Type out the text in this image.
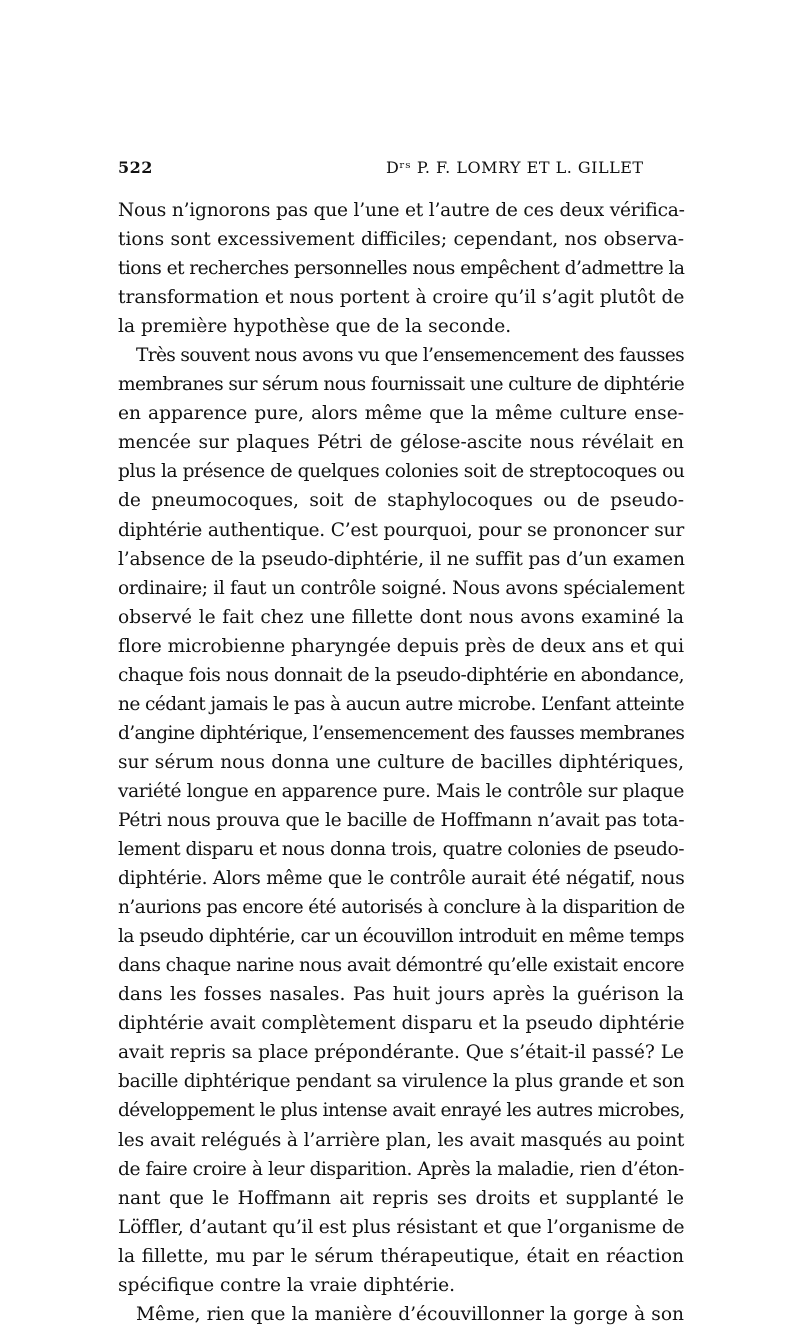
522	Dʳˢ P. F. LOMRY ET L. GILLET
Nous n’ignorons pas que l’une et l’autre de ces deux vérifica-
tions sont excessivement difficiles; cependant, nos observa-
tions et recherches personnelles nous empêchent d’admettre la
transformation et nous portent à croire qu’il s’agit plutôt de
la première hypothèse que de la seconde.
Très souvent nous avons vu que l’ensemencement des fausses
membranes sur sérum nous fournissait une culture de diphtérie
en apparence pure, alors même que la même culture ense-
mencée sur plaques Pétri de gélose-ascite nous révélait en
plus la présence de quelques colonies soit de streptocoques ou
de pneumocoques, soit de staphylocoques ou de pseudo-
diphtérie authentique. C’est pourquoi, pour se prononcer sur
l’absence de la pseudo-diphtérie, il ne suffit pas d’un examen
ordinaire; il faut un contrôle soigné. Nous avons spécialement
observé le fait chez une fillette dont nous avons examiné la
flore microbienne pharyngée depuis près de deux ans et qui
chaque fois nous donnait de la pseudo-diphtérie en abondance,
ne cédant jamais le pas à aucun autre microbe. L’enfant atteinte
d’angine diphtérique, l’ensemencement des fausses membranes
sur sérum nous donna une culture de bacilles diphtériques,
variété longue en apparence pure. Mais le contrôle sur plaque
Pétri nous prouva que le bacille de Hoffmann n’avait pas tota-
lement disparu et nous donna trois, quatre colonies de pseudo-
diphtérie. Alors même que le contrôle aurait été négatif, nous
n’aurions pas encore été autorisés à conclure à la disparition de
la pseudo diphtérie, car un écouvillon introduit en même temps
dans chaque narine nous avait démontré qu’elle existait encore
dans les fosses nasales. Pas huit jours après la guérison la
diphtérie avait complètement disparu et la pseudo diphtérie
avait repris sa place prépondérante. Que s’était-il passé? Le
bacille diphtérique pendant sa virulence la plus grande et son
développement le plus intense avait enrayé les autres microbes,
les avait relégués à l’arrière plan, les avait masqués au point
de faire croire à leur disparition. Après la maladie, rien d’éton-
nant que le Hoffmann ait repris ses droits et supplanté le
Löffler, d’autant qu’il est plus résistant et que l’organisme de
la fillette, mu par le sérum thérapeutique, était en réaction
spécifique contre la vraie diphtérie.
Même, rien que la manière d’écouvillonner la gorge à son
